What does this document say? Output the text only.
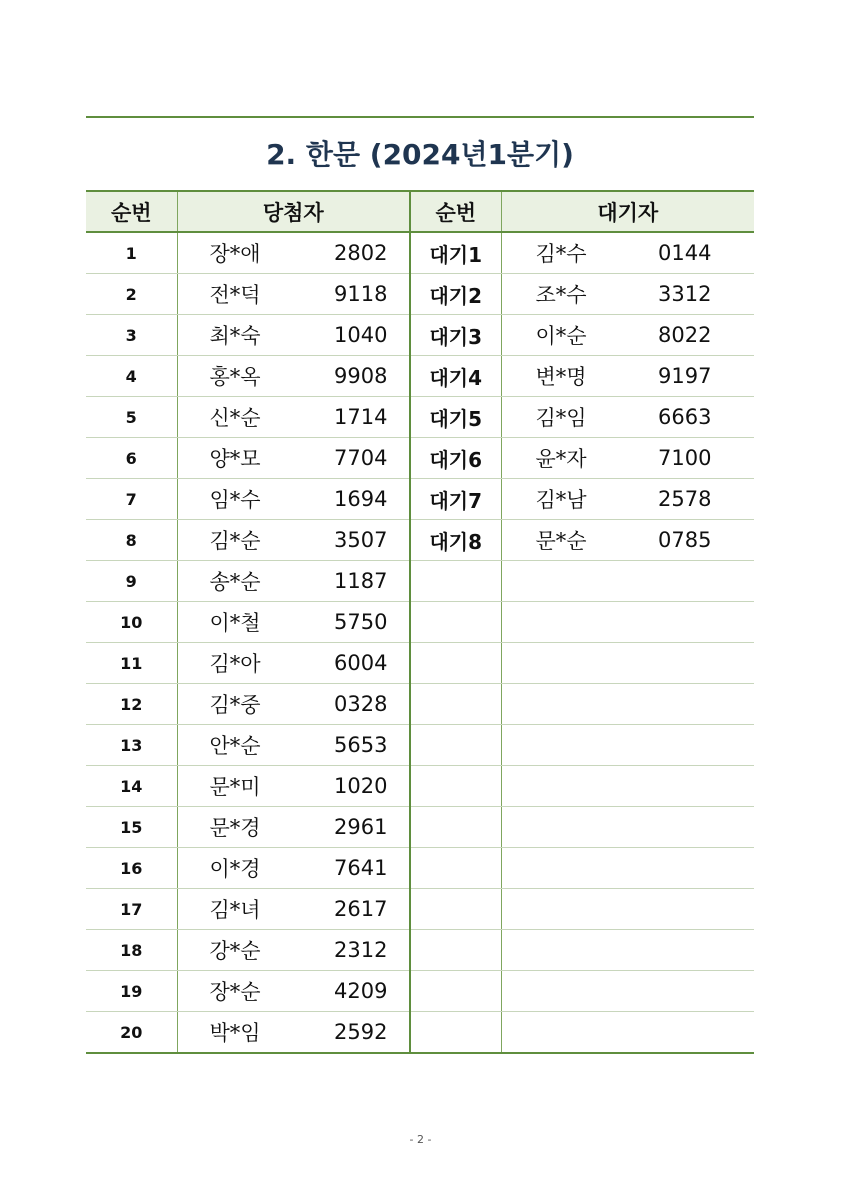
2. 한문 (2024년1분기)
순번	당첨자		순번	대기자	
1	장*애	2802	대기1	김*수	0144
2	전*덕	9118	대기2	조*수	3312
3	최*숙	1040	대기3	이*순	8022
4	홍*옥	9908	대기4	변*명	9197
5	신*순	1714	대기5	김*임	6663
6	양*모	7704	대기6	윤*자	7100
7	임*수	1694	대기7	김*남	2578
8	김*순	3507	대기8	문*순	0785
9	송*순	1187			
10	이*철	5750			
11	김*아	6004			
12	김*중	0328			
13	안*순	5653			
14	문*미	1020			
15	문*경	2961			
16	이*경	7641			
17	김*녀	2617			
18	강*순	2312			
19	장*순	4209			
20	박*임	2592			
- 2 -
